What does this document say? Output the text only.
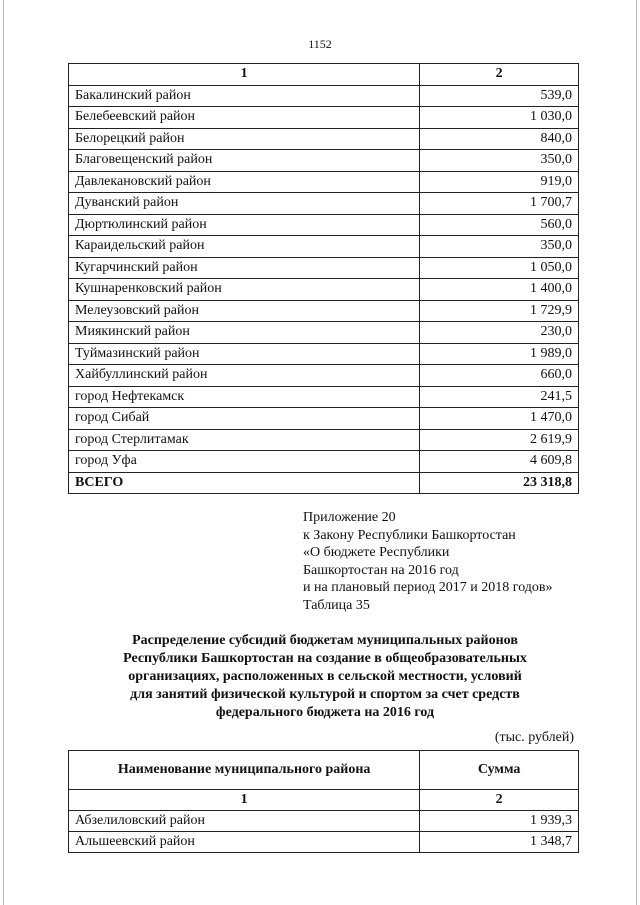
1152
1	2
Бакалинский район	539,0
Белебеевский район	1 030,0
Белорецкий район	840,0
Благовещенский район	350,0
Давлекановский район	919,0
Дуванский район	1 700,7
Дюртюлинский район	560,0
Караидельский район	350,0
Кугарчинский район	1 050,0
Кушнаренковский район	1 400,0
Мелеузовский район	1 729,9
Миякинский район	230,0
Туймазинский район	1 989,0
Хайбуллинский район	660,0
город Нефтекамск	241,5
город Сибай	1 470,0
город Стерлитамак	2 619,9
город Уфа	4 609,8
ВСЕГО	23 318,8
Приложение 20
к Закону Республики Башкортостан
«О бюджете Республики
Башкортостан на 2016 год
и на плановый период 2017 и 2018 годов»
Таблица 35
Распределение субсидий бюджетам муниципальных районов
Республики Башкортостан на создание в общеобразовательных
организациях, расположенных в сельской местности, условий
для занятий физической культурой и спортом за счет средств
федерального бюджета на 2016 год
(тыс. рублей)
Наименование муниципального района	Сумма
1	2
Абзелиловский район	1 939,3
Альшеевский район	1 348,7
